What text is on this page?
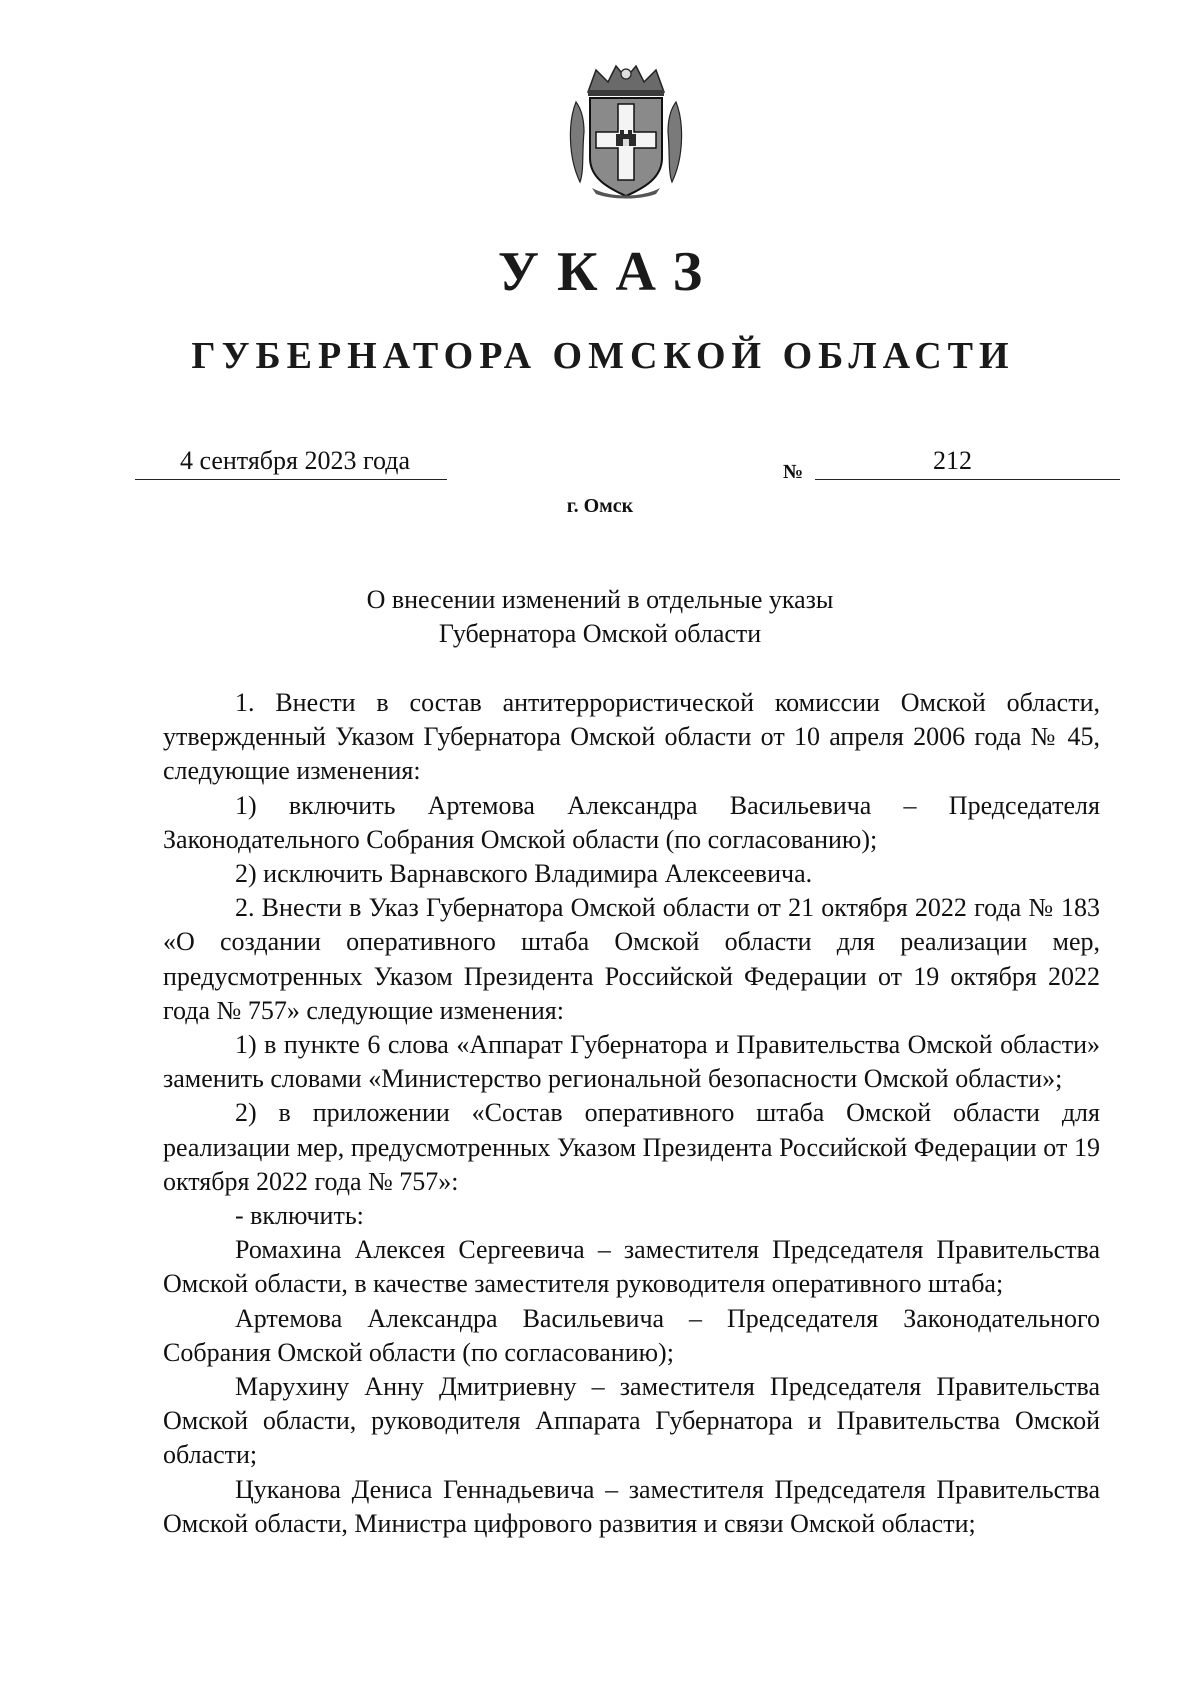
УКАЗ
ГУБЕРНАТОРА ОМСКОЙ ОБЛАСТИ
4 сентября 2023 года	№	212
г. Омск
О внесении изменений в отдельные указы
Губернатора Омской области

1. Внести в состав антитеррористической комиссии Омской области, утвержденный Указом Губернатора Омской области от 10 апреля 2006 года № 45, следующие изменения:

1) включить Артемова Александра Васильевича – Председателя Законодательного Собрания Омской области (по согласованию);

2) исключить Варнавского Владимира Алексеевича.

2. Внести в Указ Губернатора Омской области от 21 октября 2022 года № 183 «О создании оперативного штаба Омской области для реализации мер, предусмотренных Указом Президента Российской Федерации от 19 октября 2022 года № 757» следующие изменения:

1) в пункте 6 слова «Аппарат Губернатора и Правительства Омской области» заменить словами «Министерство региональной безопасности Омской области»;

2) в приложении «Состав оперативного штаба Омской области для реализации мер, предусмотренных Указом Президента Российской Федерации от 19 октября 2022 года № 757»:

- включить:

Ромахина Алексея Сергеевича – заместителя Председателя Правительства Омской области, в качестве заместителя руководителя оперативного штаба;

Артемова Александра Васильевича – Председателя Законодательного Собрания Омской области (по согласованию);

Марухину Анну Дмитриевну – заместителя Председателя Правительства Омской области, руководителя Аппарата Губернатора и Правительства Омской области;

Цуканова Дениса Геннадьевича – заместителя Председателя Правительства Омской области, Министра цифрового развития и связи Омской области;
